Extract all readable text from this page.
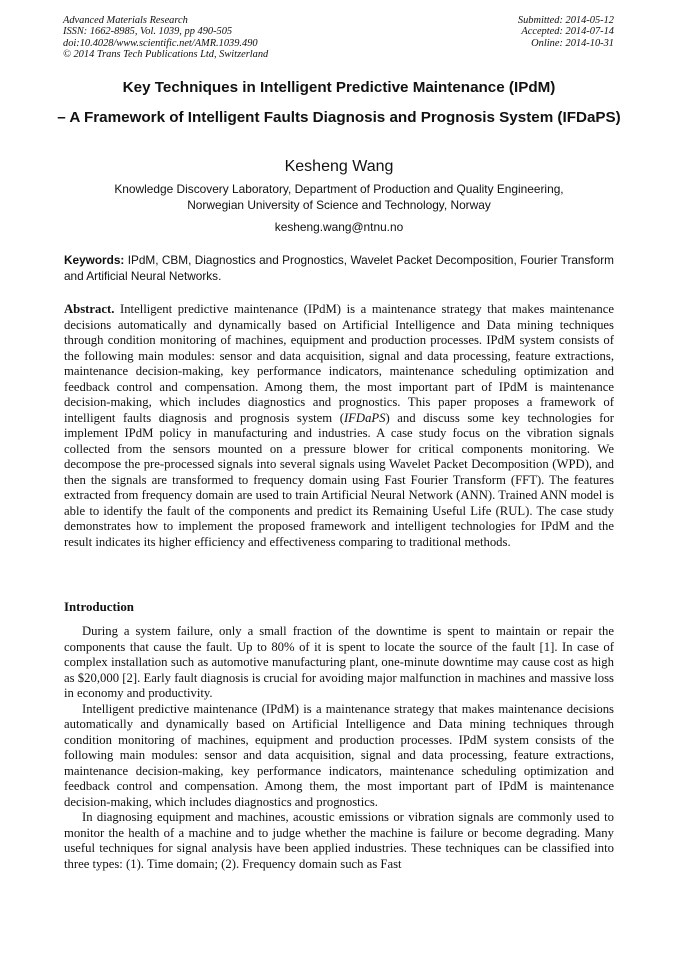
Advanced Materials Research
ISSN: 1662-8985, Vol. 1039, pp 490-505
doi:10.4028/www.scientific.net/AMR.1039.490
© 2014 Trans Tech Publications Ltd, Switzerland
Submitted: 2014-05-12
Accepted: 2014-07-14
Online: 2014-10-31
Key Techniques in Intelligent Predictive Maintenance (IPdM)
– A Framework of Intelligent Faults Diagnosis and Prognosis System (IFDaPS)
Kesheng Wang
Knowledge Discovery Laboratory, Department of Production and Quality Engineering,
Norwegian University of Science and Technology, Norway
kesheng.wang@ntnu.no
Keywords: IPdM, CBM, Diagnostics and Prognostics, Wavelet Packet Decomposition, Fourier Transform and Artificial Neural Networks.
Abstract. Intelligent predictive maintenance (IPdM) is a maintenance strategy that makes maintenance decisions automatically and dynamically based on Artificial Intelligence and Data mining techniques through condition monitoring of machines, equipment and production processes. IPdM system consists of the following main modules: sensor and data acquisition, signal and data processing, feature extractions, maintenance decision-making, key performance indicators, maintenance scheduling optimization and feedback control and compensation. Among them, the most important part of IPdM is maintenance decision-making, which includes diagnostics and prognostics. This paper proposes a framework of intelligent faults diagnosis and prognosis system (IFDaPS) and discuss some key technologies for implement IPdM policy in manufacturing and industries. A case study focus on the vibration signals collected from the sensors mounted on a pressure blower for critical components monitoring. We decompose the pre-processed signals into several signals using Wavelet Packet Decomposition (WPD), and then the signals are transformed to frequency domain using Fast Fourier Transform (FFT). The features extracted from frequency domain are used to train Artificial Neural Network (ANN). Trained ANN model is able to identify the fault of the components and predict its Remaining Useful Life (RUL). The case study demonstrates how to implement the proposed framework and intelligent technologies for IPdM and the result indicates its higher efficiency and effectiveness comparing to traditional methods.
Introduction

During a system failure, only a small fraction of the downtime is spent to maintain or repair the components that cause the fault. Up to 80% of it is spent to locate the source of the fault [1]. In case of complex installation such as automotive manufacturing plant, one-minute downtime may cause cost as high as $20,000 [2]. Early fault diagnosis is crucial for avoiding major malfunction in machines and massive loss in economy and productivity.

Intelligent predictive maintenance (IPdM) is a maintenance strategy that makes maintenance decisions automatically and dynamically based on Artificial Intelligence and Data mining techniques through condition monitoring of machines, equipment and production processes. IPdM system consists of the following main modules: sensor and data acquisition, signal and data processing, feature extractions, maintenance decision-making, key performance indicators, maintenance scheduling optimization and feedback control and compensation. Among them, the most important part of IPdM is maintenance decision-making, which includes diagnostics and prognostics.

In diagnosing equipment and machines, acoustic emissions or vibration signals are commonly used to monitor the health of a machine and to judge whether the machine is failure or become degrading. Many useful techniques for signal analysis have been applied industries. These techniques can be classified into three types: (1). Time domain; (2). Frequency domain such as Fast
